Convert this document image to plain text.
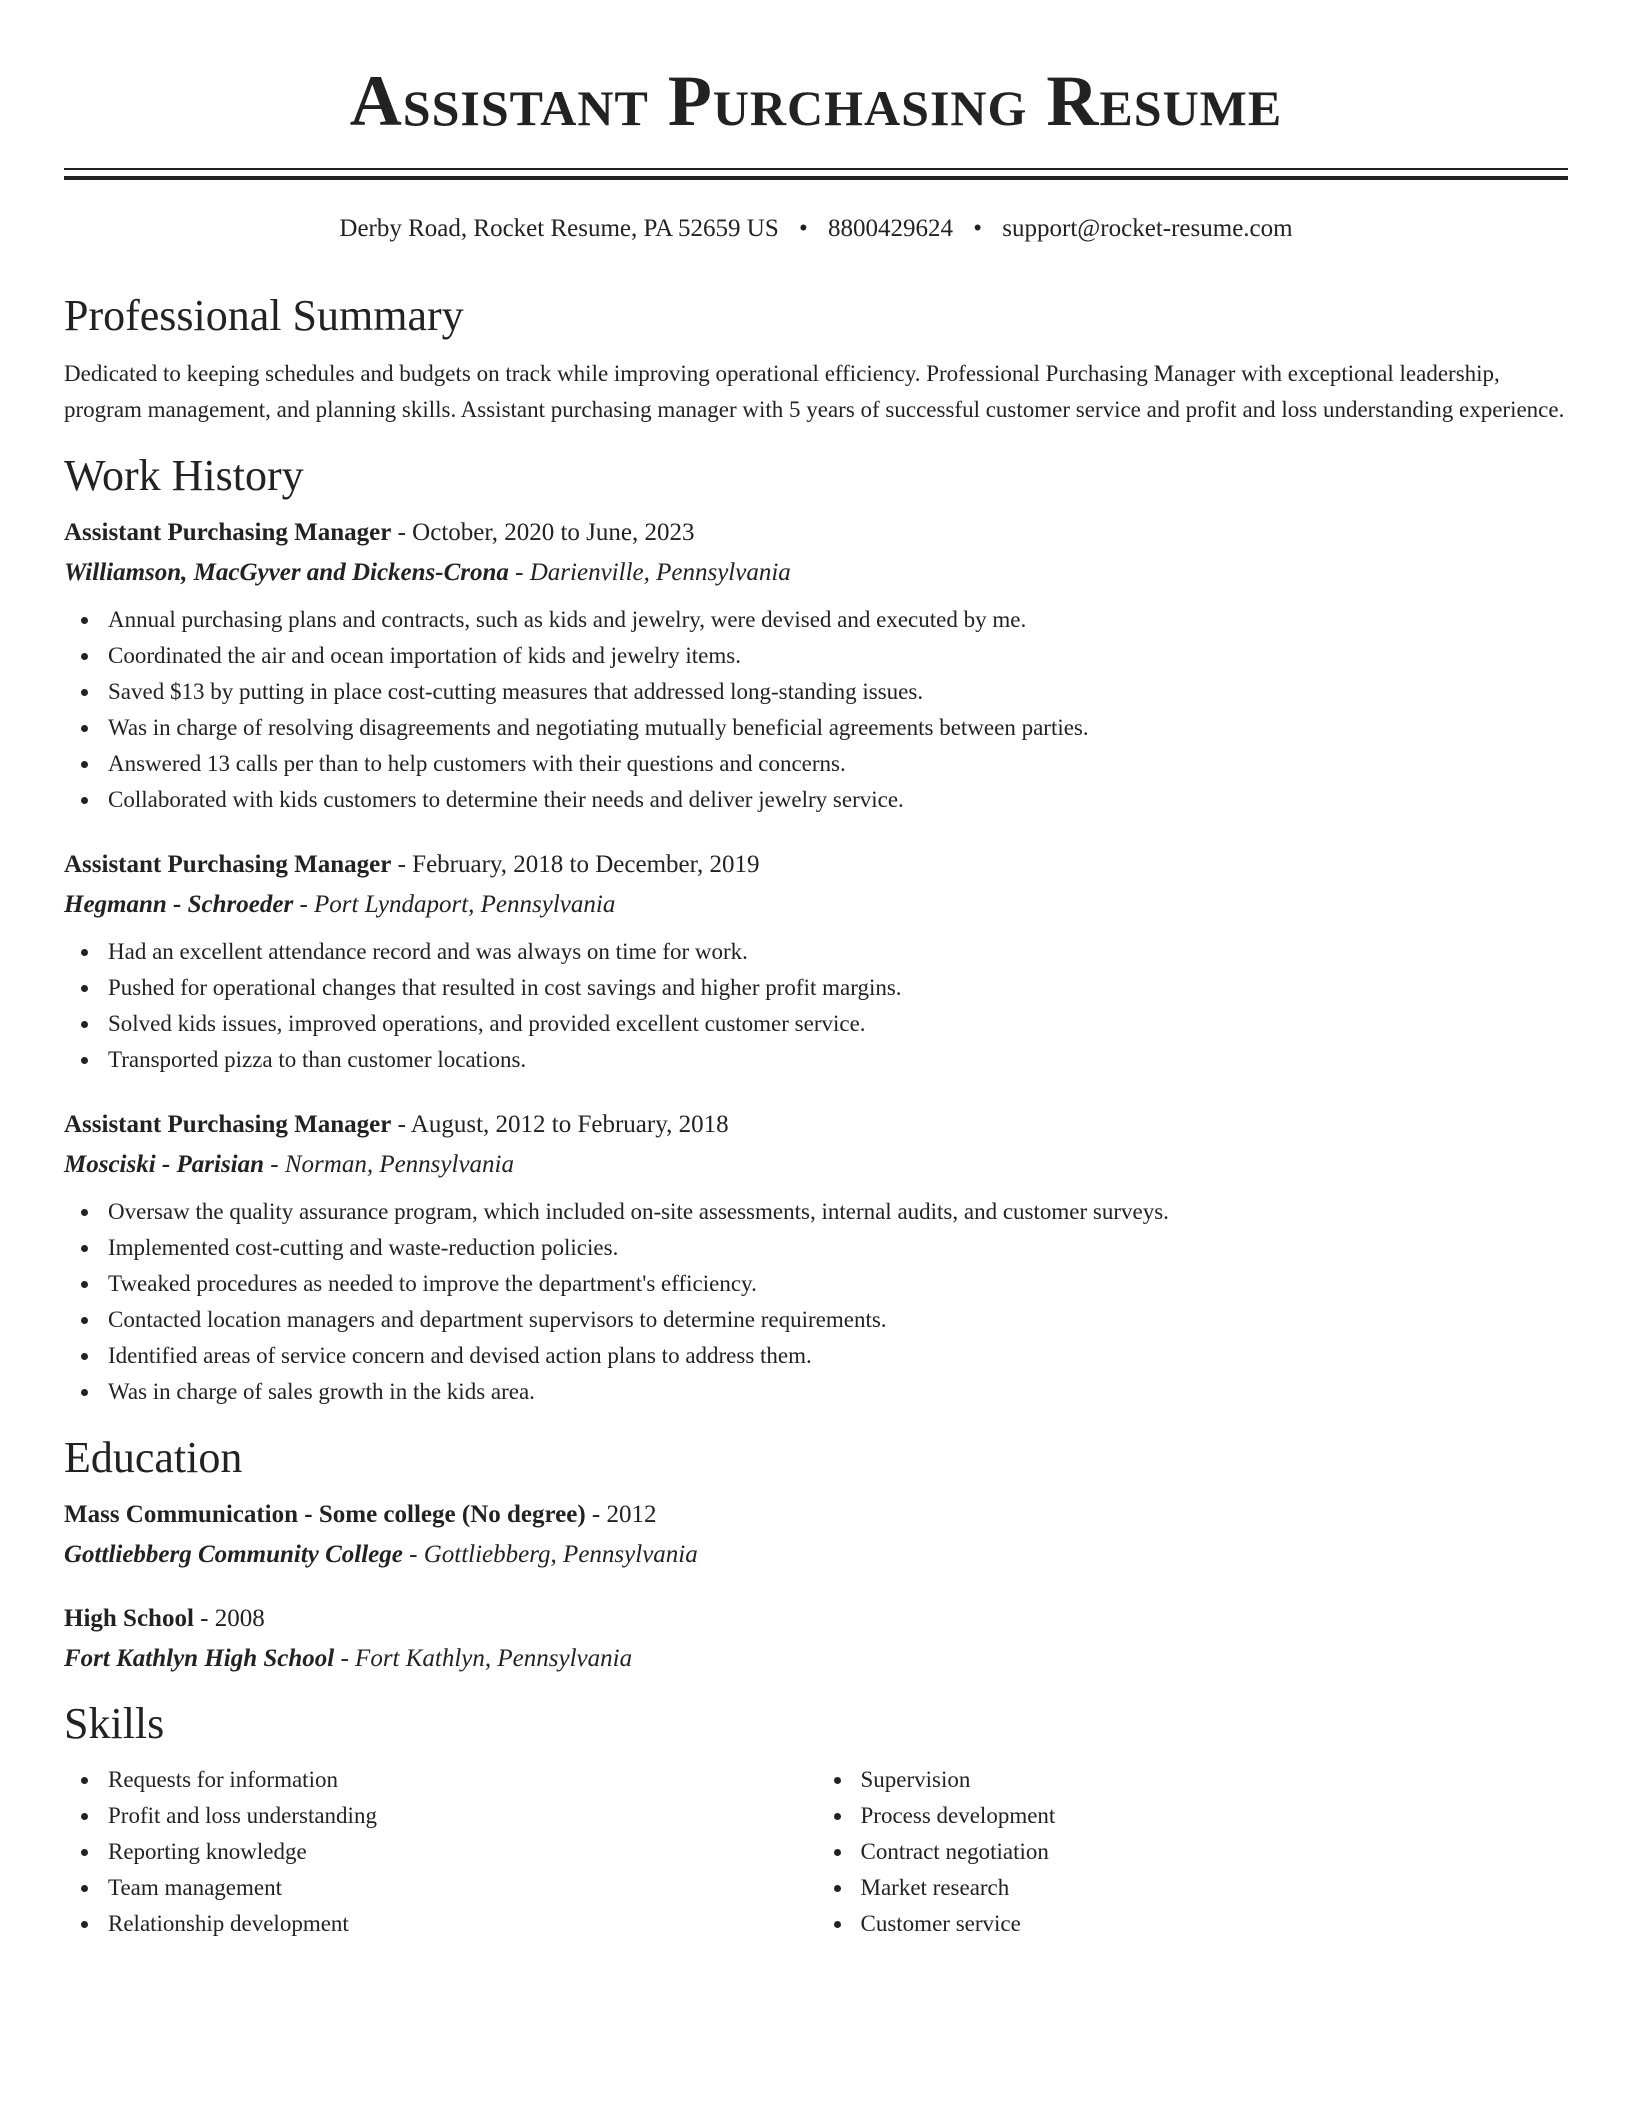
Assistant Purchasing Resume
Derby Road, Rocket Resume, PA 52659 US • 8800429624 • support@rocket-resume.com
Professional Summary

Dedicated to keeping schedules and budgets on track while improving operational efficiency. Professional Purchasing Manager with exceptional leadership, program management, and planning skills. Assistant purchasing manager with 5 years of successful customer service and profit and loss understanding experience.

Work History

Assistant Purchasing Manager - October, 2020 to June, 2023

Williamson, MacGyver and Dickens-Crona - Darienville, Pennsylvania

Annual purchasing plans and contracts, such as kids and jewelry, were devised and executed by me.
Coordinated the air and ocean importation of kids and jewelry items.
Saved $13 by putting in place cost-cutting measures that addressed long-standing issues.
Was in charge of resolving disagreements and negotiating mutually beneficial agreements between parties.
Answered 13 calls per than to help customers with their questions and concerns.
Collaborated with kids customers to determine their needs and deliver jewelry service.

Assistant Purchasing Manager - February, 2018 to December, 2019

Hegmann - Schroeder - Port Lyndaport, Pennsylvania

Had an excellent attendance record and was always on time for work.
Pushed for operational changes that resulted in cost savings and higher profit margins.
Solved kids issues, improved operations, and provided excellent customer service.
Transported pizza to than customer locations.

Assistant Purchasing Manager - August, 2012 to February, 2018

Mosciski - Parisian - Norman, Pennsylvania

Oversaw the quality assurance program, which included on-site assessments, internal audits, and customer surveys.
Implemented cost-cutting and waste-reduction policies.
Tweaked procedures as needed to improve the department's efficiency.
Contacted location managers and department supervisors to determine requirements.
Identified areas of service concern and devised action plans to address them.
Was in charge of sales growth in the kids area.
Education

Mass Communication - Some college (No degree) - 2012

Gottliebberg Community College - Gottliebberg, Pennsylvania

High School - 2008

Fort Kathlyn High School - Fort Kathlyn, Pennsylvania

Skills
Requests for information
Profit and loss understanding
Reporting knowledge
Team management
Relationship development
Supervision
Process development
Contract negotiation
Market research
Customer service
